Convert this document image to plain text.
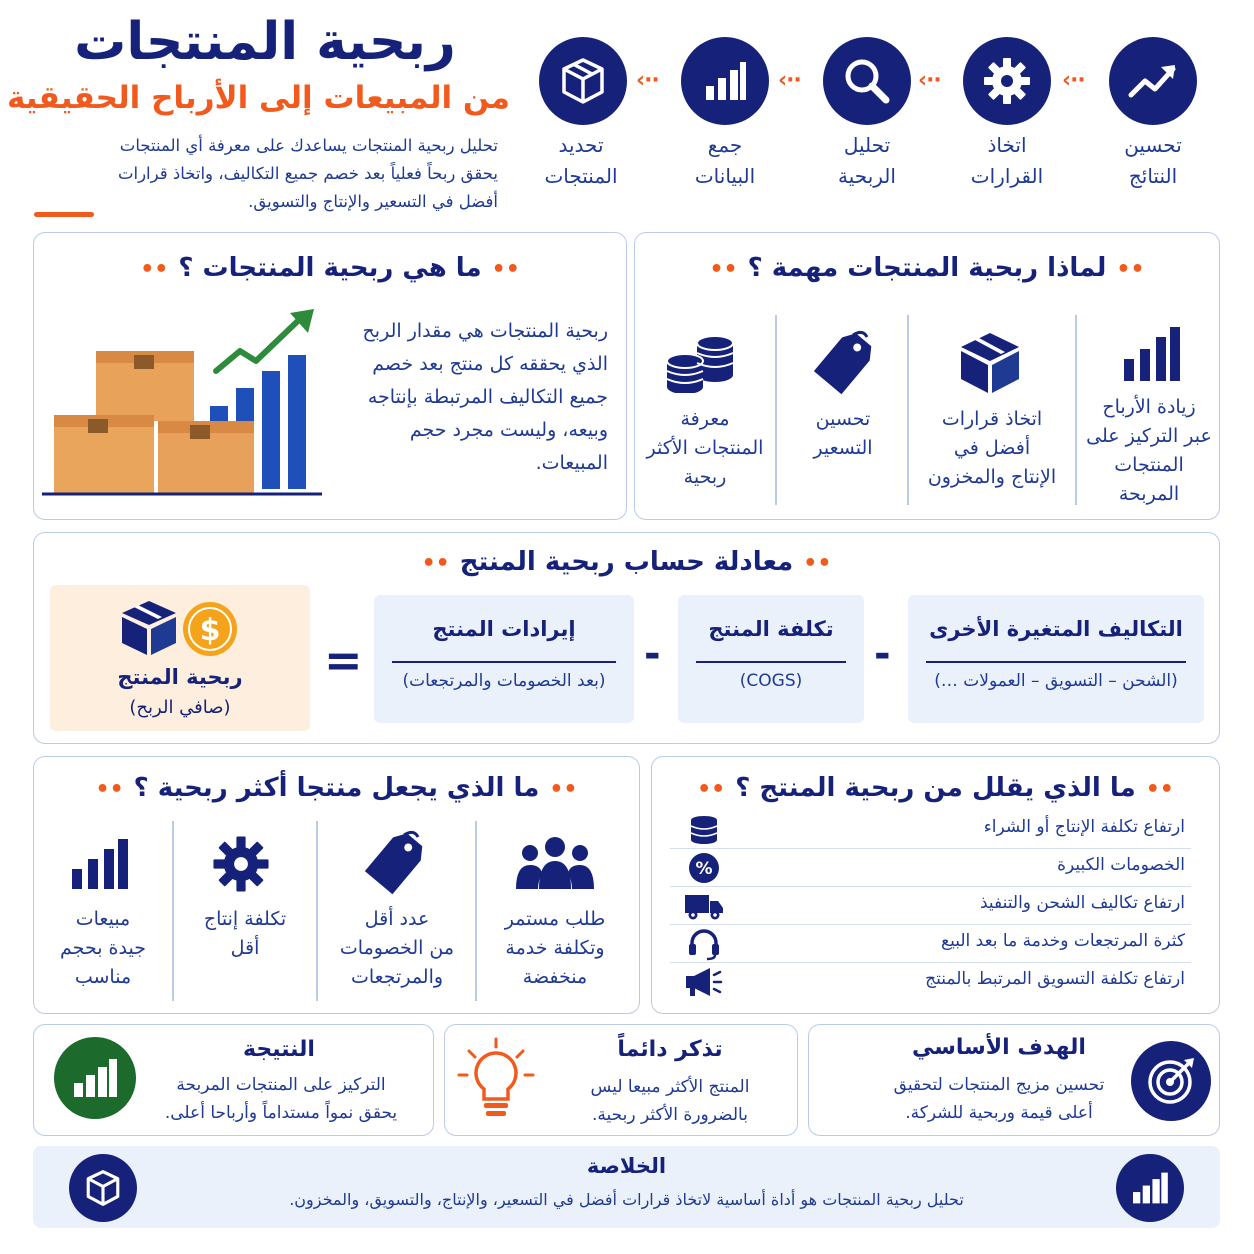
ربحية المنتجات
من المبيعات إلى الأرباح الحقيقية
تحليل ربحية المنتجات يساعدك على معرفة أي المنتجات
يحقق ربحاً فعلياً بعد خصم جميع التكاليف، واتخاذ قرارات
أفضل في التسعير والإنتاج والتسويق.
تحسين
النتائج
··›
اتخاذ
القرارات
··›
تحليل
الربحية
··›
جمع
البيانات
··›
تحديد
المنتجات
••ما هي ربحية المنتجات ؟••
ربحية المنتجات هي مقدار الربح
الذي يحققه كل منتج بعد خصم
جميع التكاليف المرتبطة بإنتاجه
وبيعه، وليست مجرد حجم
المبيعات.
••لماذا ربحية المنتجات مهمة ؟••
زيادة الأرباح
عبر التركيز على
المنتجات
المربحة
اتخاذ قرارات
أفضل في
الإنتاج والمخزون
تحسين
التسعير
معرفة
المنتجات الأكثر
ربحية
••معادلة حساب ربحية المنتج••
التكاليف المتغيرة الأخرى
(الشحن – التسويق – العمولات …)
-
تكلفة المنتج
(COGS)
-
إيرادات المنتج
(بعد الخصومات والمرتجعات)
=
$
ربحية المنتج
(صافي الربح)
••ما الذي يجعل منتجا أكثر ربحية ؟••
طلب مستمر
وتكلفة خدمة
منخفضة
عدد أقل
من الخصومات
والمرتجعات
تكلفة إنتاج
أقل
مبيعات
جيدة بحجم
مناسب
••ما الذي يقلل من ربحية المنتج ؟••
ارتفاع تكلفة الإنتاج أو الشراء
الخصومات الكبيرة
%
ارتفاع تكاليف الشحن والتنفيذ
كثرة المرتجعات وخدمة ما بعد البيع
ارتفاع تكلفة التسويق المرتبط بالمنتج
الهدف الأساسي
تحسين مزيج المنتجات لتحقيق
أعلى قيمة وربحية للشركة.
تذكر دائماً
المنتج الأكثر مبيعا ليس
بالضرورة الأكثر ربحية.
النتيجة
التركيز على المنتجات المربحة
يحقق نمواً مستداماً وأرباحا أعلى.
الخلاصة
تحليل ربحية المنتجات هو أداة أساسية لاتخاذ قرارات أفضل في التسعير، والإنتاج، والتسويق، والمخزون.
